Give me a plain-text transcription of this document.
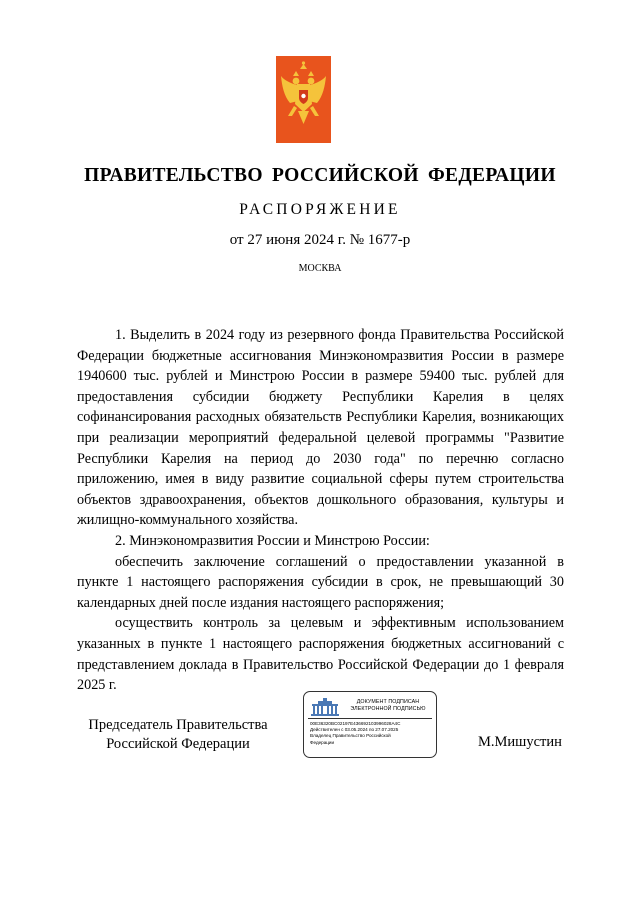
ПРАВИТЕЛЬСТВО РОССИЙСКОЙ ФЕДЕРАЦИИ
РАСПОРЯЖЕНИЕ
от 27 июня 2024 г. № 1677-р
МОСКВА

1. Выделить в 2024 году из резервного фонда Правительства Российской Федерации бюджетные ассигнования Минэкономразвития России в размере 1940600 тыс. рублей и Минстрою России в размере 59400 тыс. рублей для предоставления субсидии бюджету Республики Карелия в целях софинансирования расходных обязательств Республики Карелия, возникающих при реализации мероприятий федеральной целевой программы "Развитие Республики Карелия на период до 2030 года" по перечню согласно приложению, имея в виду развитие социальной сферы путем строительства объектов здравоохранения, объектов дошкольного образования, культуры и жилищно-коммунального хозяйства.

2. Минэкономразвития России и Минстрою России:

обеспечить заключение соглашений о предоставлении указанной в пункте 1 настоящего распоряжения субсидии в срок, не превышающий 30 календарных дней после издания настоящего распоряжения;

осуществить контроль за целевым и эффективным использованием указанных в пункте 1 настоящего распоряжения бюджетных ассигнований с представлением доклада в Правительство Российской Федерации до 1 февраля 2025 г.

Председатель Правительства
Российской Федерации
ДОКУМЕНТ ПОДПИСАН
ЭЛЕКТРОННОЙ ПОДПИСЬЮ
00E36320BC02197E436692103996028A4C
Действителен с 03.05.2024 по 27.07.2025
Владелец Правительство Российской
Федерации	М.Мишустин
